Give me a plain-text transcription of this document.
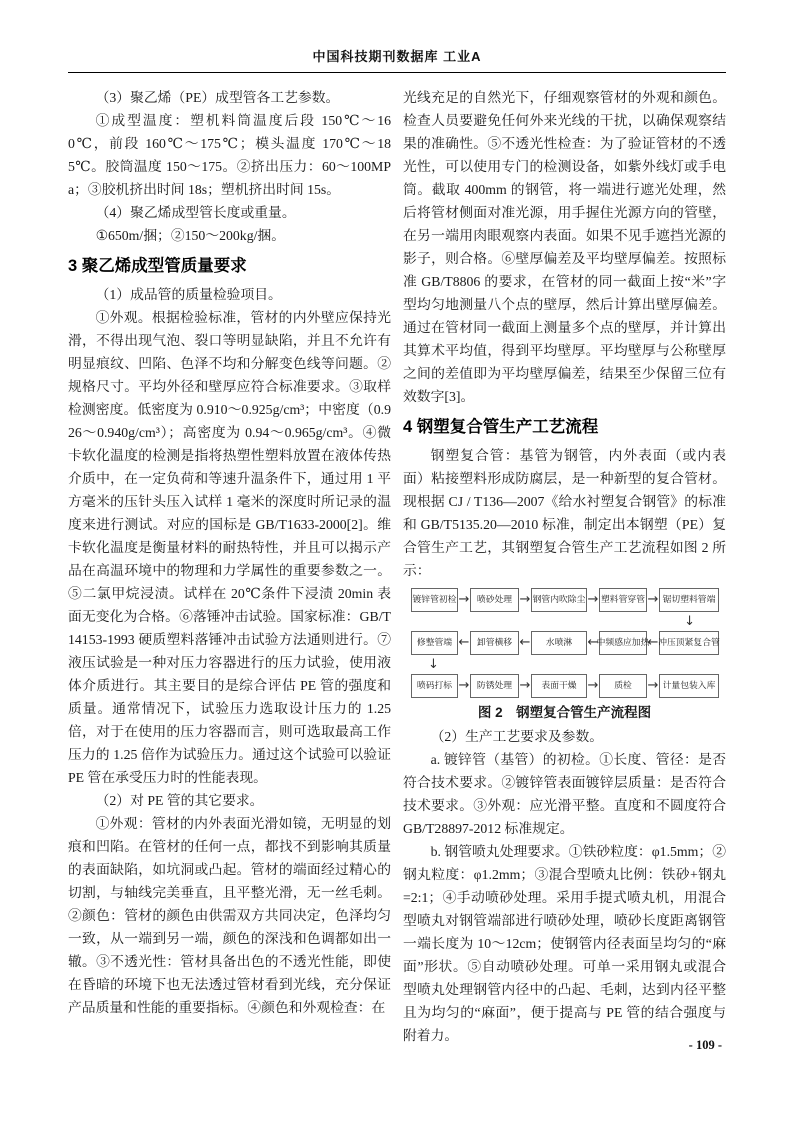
中国科技期刊数据库 工业A

（3）聚乙烯（PE）成型管各工艺参数。

①成型温度：塑机料筒温度后段 150℃～160℃，前段 160℃～175℃；模头温度 170℃～185℃。胶筒温度 150～175。②挤出压力：60～100MPa；③胶机挤出时间 18s；塑机挤出时间 15s。

（4）聚乙烯成型管长度或重量。

①650m/捆；②150～200kg/捆。

3 聚乙烯成型管质量要求

（1）成品管的质量检验项目。

①外观。根据检验标准，管材的内外壁应保持光滑，不得出现气泡、裂口等明显缺陷，并且不允许有明显痕纹、凹陷、色泽不均和分解变色线等问题。②规格尺寸。平均外径和壁厚应符合标准要求。③取样检测密度。低密度为 0.910～0.925g/cm³；中密度（0.926～0.940g/cm³）；高密度为 0.94～0.965g/cm³。④微卡软化温度的检测是指将热塑性塑料放置在液体传热介质中，在一定负荷和等速升温条件下，通过用 1 平方毫米的压针头压入试样 1 毫米的深度时所记录的温度来进行测试。对应的国标是 GB/T1633-2000[2]。维卡软化温度是衡量材料的耐热特性，并且可以揭示产品在高温环境中的物理和力学属性的重要参数之一。⑤二氯甲烷浸渍。试样在 20℃条件下浸渍 20min 表面无变化为合格。⑥落锤冲击试验。国家标准：GB/T14153-1993 硬质塑料落锤冲击试验方法通则进行。⑦液压试验是一种对压力容器进行的压力试验，使用液体介质进行。其主要目的是综合评估 PE 管的强度和质量。通常情况下，试验压力选取设计压力的 1.25 倍，对于在使用的压力容器而言，则可选取最高工作压力的 1.25 倍作为试验压力。通过这个试验可以验证 PE 管在承受压力时的性能表现。

（2）对 PE 管的其它要求。

①外观：管材的内外表面光滑如镜，无明显的划痕和凹陷。在管材的任何一点，都找不到影响其质量的表面缺陷，如坑洞或凸起。管材的端面经过精心的切割，与轴线完美垂直，且平整光滑，无一丝毛刺。②颜色：管材的颜色由供需双方共同决定，色泽均匀一致，从一端到另一端，颜色的深浅和色调都如出一辙。③不透光性：管材具备出色的不透光性能，即使在昏暗的环境下也无法透过管材看到光线，充分保证产品质量和性能的重要指标。④颜色和外观检查：在

光线充足的自然光下，仔细观察管材的外观和颜色。检查人员要避免任何外来光线的干扰，以确保观察结果的准确性。⑤不透光性检查：为了验证管材的不透光性，可以使用专门的检测设备，如紫外线灯或手电筒。截取 400mm 的钢管，将一端进行遮光处理，然后将管材侧面对准光源，用手握住光源方向的管壁，在另一端用肉眼观察内表面。如果不见手遮挡光源的影子，则合格。⑥壁厚偏差及平均壁厚偏差。按照标准 GB/T8806 的要求，在管材的同一截面上按“米”字型均匀地测量八个点的壁厚，然后计算出壁厚偏差。通过在管材同一截面上测量多个点的壁厚，并计算出其算术平均值，得到平均壁厚。平均壁厚与公称壁厚之间的差值即为平均壁厚偏差，结果至少保留三位有效数字[3]。

4 钢塑复合管生产工艺流程

钢塑复合管：基管为钢管，内外表面（或内表面）粘接塑料形成防腐层，是一种新型的复合管材。现根据 CJ / T136—2007《给水衬塑复合钢管》的标准和 GB/T5135.20—2010 标准，制定出本钢塑（PE）复合管生产工艺，其钢塑复合管生产工艺流程如图 2 所示：

镀锌管初检 → 喷砂处理 → 钢管内吹除尘 → 塑料管穿管 → 锯切塑料管端
↓
修整管端 ← 卸管横移 ←	水喷淋	←
中频感应加热
← 冲压顶紧复合管
↓
喷码打标 → 防锈处理 →	表面干燥 →	质检	→ 计量包装入库
图 2　钢塑复合管生产流程图

（2）生产工艺要求及参数。

a. 镀锌管（基管）的初检。①长度、管径：是否符合技术要求。②镀锌管表面镀锌层质量：是否符合技术要求。③外观：应光滑平整。直度和不圆度符合 GB/T28897-2012 标准规定。

b. 钢管喷丸处理要求。①铁砂粒度：φ1.5mm；②钢丸粒度：φ1.2mm；③混合型喷丸比例：铁砂+钢丸=2:1；④手动喷砂处理。采用手提式喷丸机，用混合型喷丸对钢管端部进行喷砂处理，喷砂长度距离钢管一端长度为 10～12cm；使钢管内径表面呈均匀的“麻面”形状。⑤自动喷砂处理。可单一采用钢丸或混合型喷丸处理钢管内径中的凸起、毛刺，达到内径平整且为均匀的“麻面”，便于提高与 PE 管的结合强度与附着力。

- 109 -
